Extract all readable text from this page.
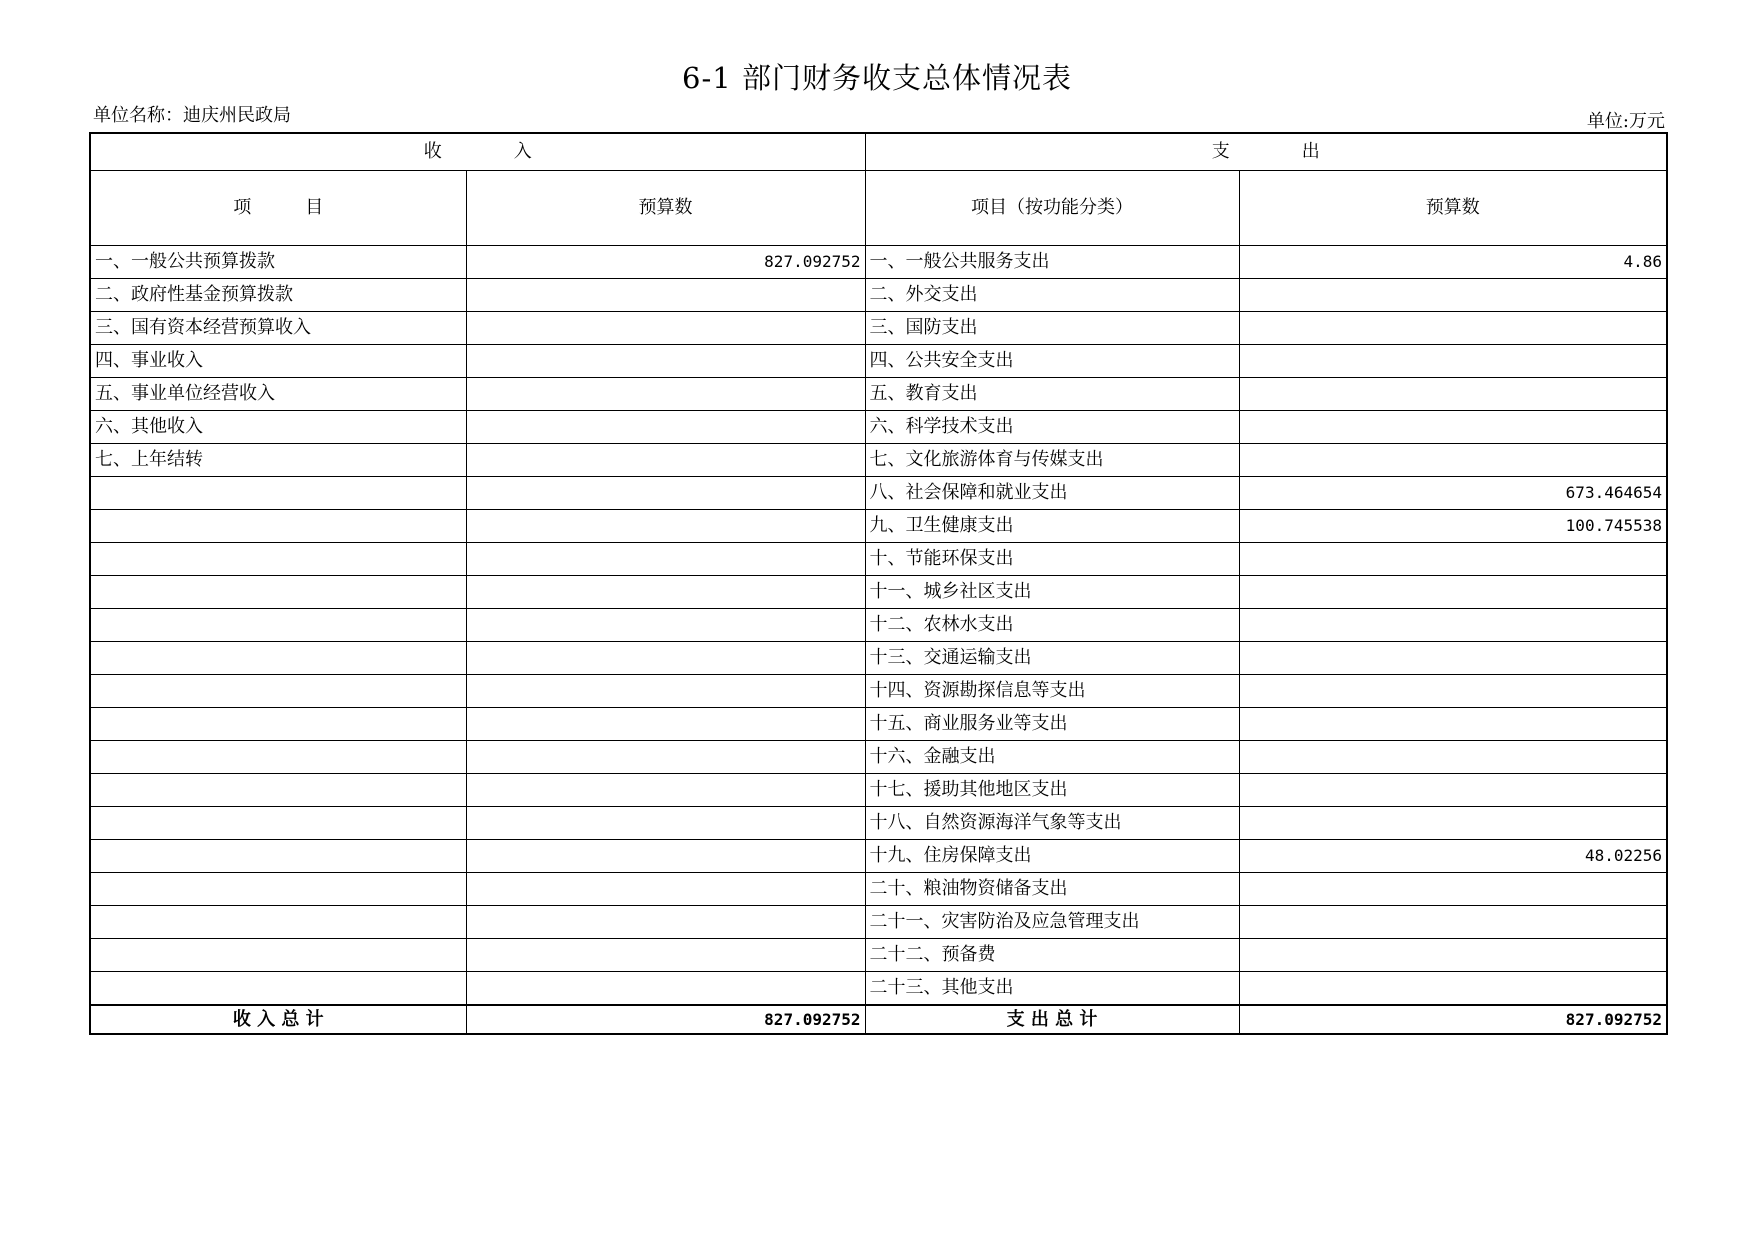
6-1 部门财务收支总体情况表
单位名称：迪庆州民政局	单位:万元
收　　　　入		支　　　　出	
项　　　目	预算数	项目（按功能分类）	预算数
一、一般公共预算拨款	827.092752	一、一般公共服务支出	4.86
二、政府性基金预算拨款		二、外交支出	
三、国有资本经营预算收入		三、国防支出	
四、事业收入		四、公共安全支出	
五、事业单位经营收入		五、教育支出	
六、其他收入		六、科学技术支出	
七、上年结转		七、文化旅游体育与传媒支出	
		八、社会保障和就业支出	673.464654
		九、卫生健康支出	100.745538
		十、节能环保支出	
		十一、城乡社区支出	
		十二、农林水支出	
		十三、交通运输支出	
		十四、资源勘探信息等支出	
		十五、商业服务业等支出	
		十六、金融支出	
		十七、援助其他地区支出	
		十八、自然资源海洋气象等支出	
		十九、住房保障支出	48.02256
		二十、粮油物资储备支出	
		二十一、灾害防治及应急管理支出	
		二十二、预备费	
		二十三、其他支出	
收 入 总 计	827.092752	支 出 总 计	827.092752
